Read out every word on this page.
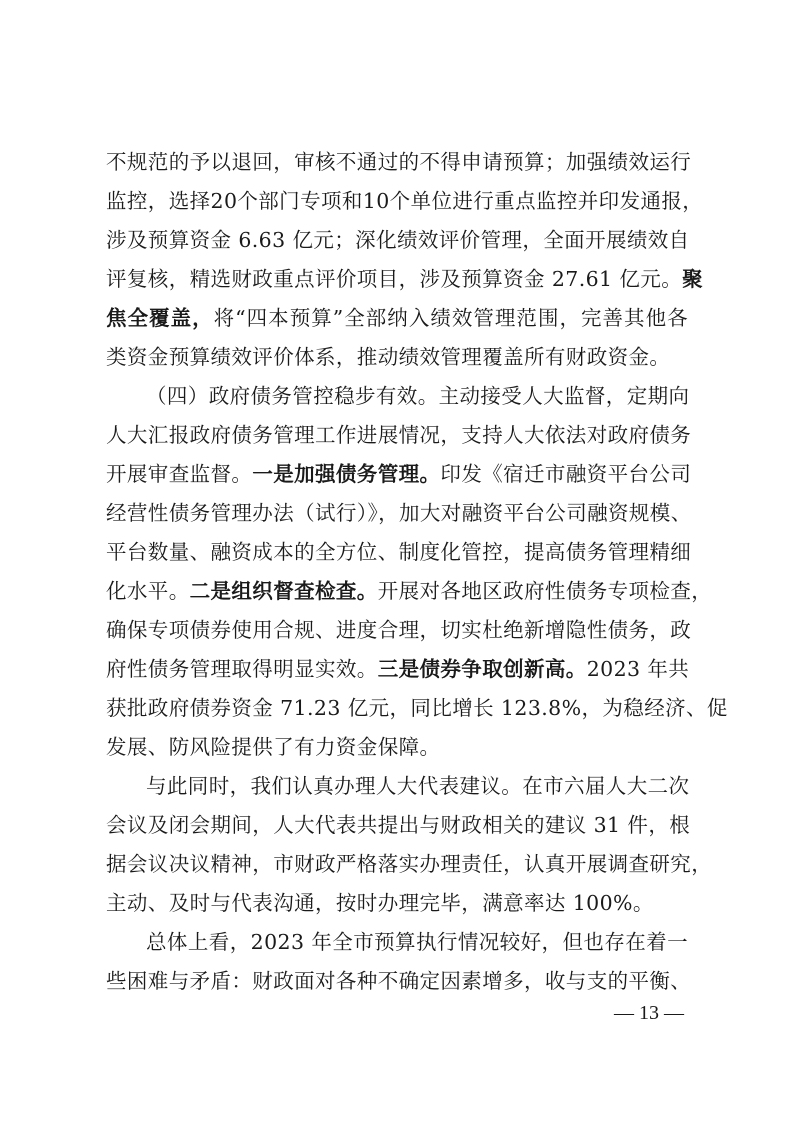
不规范的予以退回，审核不通过的不得申请预算；加强绩效运行
监控，选择20个部门专项和10个单位进行重点监控并印发通报，
涉及预算资金 6.63 亿元；深化绩效评价管理，全面开展绩效自
评复核，精选财政重点评价项目，涉及预算资金 27.61 亿元。聚
焦全覆盖，将“四本预算”全部纳入绩效管理范围，完善其他各
类资金预算绩效评价体系，推动绩效管理覆盖所有财政资金。
（四）政府债务管控稳步有效。主动接受人大监督，定期向
人大汇报政府债务管理工作进展情况，支持人大依法对政府债务
开展审查监督。一是加强债务管理。印发《宿迁市融资平台公司
经营性债务管理办法（试行）》，加大对融资平台公司融资规模、
平台数量、融资成本的全方位、制度化管控，提高债务管理精细
化水平。二是组织督查检查。开展对各地区政府性债务专项检查，
确保专项债券使用合规、进度合理，切实杜绝新增隐性债务，政
府性债务管理取得明显实效。三是债券争取创新高。2023 年共
获批政府债券资金 71.23 亿元，同比增长 123.8%，为稳经济、促
发展、防风险提供了有力资金保障。
与此同时，我们认真办理人大代表建议。在市六届人大二次
会议及闭会期间，人大代表共提出与财政相关的建议 31 件，根
据会议决议精神，市财政严格落实办理责任，认真开展调查研究，
主动、及时与代表沟通，按时办理完毕，满意率达 100%。
总体上看，2023 年全市预算执行情况较好，但也存在着一
些困难与矛盾：财政面对各种不确定因素增多，收与支的平衡、
— 13 —
